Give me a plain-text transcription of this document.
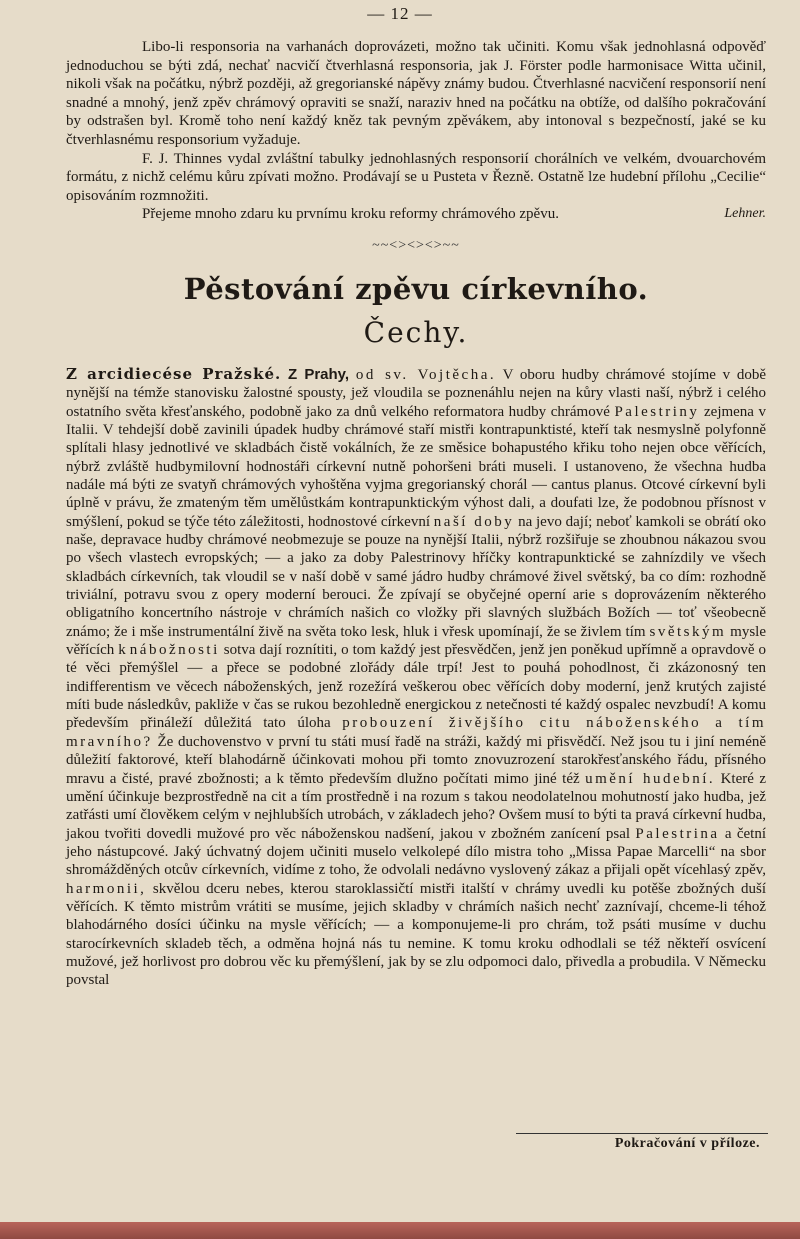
— 12 —

Libo-li responsoria na varhanách doprovázeti, možno tak učiniti. Komu však jednohlasná odpověď jednoduchou se býti zdá, nechať nacvičí čtverhlasná responsoria, jak J. Förster podle harmonisace Witta učinil, nikoli však na počátku, nýbrž později, až gregorianské nápěvy známy budou. Čtverhlasné nacvičení responsorií není snadné a mnohý, jenž zpěv chrámový opraviti se snaží, naraziv hned na počátku na obtíže, od dalšího pokračování by odstrašen byl. Kromě toho není každý kněz tak pevným zpěvákem, aby intonoval s bezpečností, jaké se ku čtverhlasnému responsorium vyžaduje.

F. J. Thinnes vydal zvláštní tabulky jednohlasných responsorií chorálních ve velkém, dvouarchovém formátu, z nichž celému kůru zpívati možno. Prodávají se u Pusteta v Řezně. Ostatně lze hudební přílohu „Cecilie“ opisováním rozmnožiti.

Přejeme mnoho zdaru ku prvnímu kroku reformy chrámového zpěvu.	Lehner.

~~<><><>~~
Pěstování zpěvu církevního.
Čechy.

Z arcidiecése Pražské. Z Prahy, od sv. Vojtěcha. V oboru hudby chrámové stojíme v době nynější na témže stanovisku žalostné spousty, jež vloudila se poznenáhlu nejen na kůry vlasti naší, nýbrž i celého ostatního světa křesťanského, podobně jako za dnů velkého reformatora hudby chrámové Palestriny zejmena v Italii. V tehdejší době zavinili úpadek hudby chrámové staří mistři kontrapunktisté, kteří tak nesmyslně polyfonně splítali hlasy jednotlivé ve skladbách čistě vokálních, že ze směsice bohapustého křiku toho nejen obce věřících, nýbrž zvláště hudbymilovní hodnostáři církevní nutně pohoršeni bráti museli. I ustanoveno, že všechna hudba nadále má býti ze svatyň chrámových vyhoštěna vyjma gregorianský chorál — cantus planus. Otcové církevní byli úplně v právu, že zmateným těm umělůstkám kontrapunktickým výhost dali, a doufati lze, že podobnou přísnost v smýšlení, pokud se týče této záležitosti, hodnostové církevní naší doby na jevo dají; neboť kamkoli se obrátí oko naše, depravace hudby chrámové neobmezuje se pouze na nynější Italii, nýbrž rozšiřuje se zhoubnou nákazou svou po všech vlastech evropských; — a jako za doby Palestrinovy hříčky kontrapunktické se zahnízdily ve všech skladbách církevních, tak vloudil se v naší době v samé jádro hudby chrámové živel světský, ba co dím: rozhodně triviální, potravu svou z opery moderní berouci. Že zpívají se obyčejné operní arie s doprovázením některého obligatního koncertního nástroje v chrámích našich co vložky při slavných službách Božích — toť všeobecně známo; že i mše instrumentální živě na světa toko lesk, hluk i vřesk upomínají, že se živlem tím světským mysle věřících k nábožnosti sotva dají roznítiti, o tom každý jest přesvědčen, jenž jen poněkud upřímně a opravdově o té věci přemýšlel — a přece se podobné zlořády dále trpí! Jest to pouhá pohodlnost, či zkázonosný ten indifferentism ve věcech náboženských, jenž rozežírá veškerou obec věřících doby moderní, jenž krutých zajisté míti bude následkův, pakliže v čas se rukou bezohledně energickou z netečnosti té každý ospalec nevzbudí! A komu především přináleží důležitá tato úloha probouzení živějšího citu náboženského a tím mravního? Že duchovenstvo v první tu státi musí řadě na stráži, každý mi přisvědčí. Než jsou tu i jiní neméně důležití faktorové, kteří blahodárně účinkovati mohou při tomto znovuzrození starokřesťanského řádu, přísného mravu a čisté, pravé zbožnosti; a k těmto především dlužno počítati mimo jiné též umění hudební. Které z umění účinkuje bezprostředně na cit a tím prostředně i na rozum s takou neodolatelnou mohutností jako hudba, jež zatřásti umí člověkem celým v nejhlubších utrobách, v základech jeho? Ovšem musí to býti ta pravá církevní hudba, jakou tvořiti dovedli mužové pro věc náboženskou nadšení, jakou v zbožném zanícení psal Palestrina a četní jeho nástupcové. Jaký úchvatný dojem učiniti muselo velkolepé dílo mistra toho „Missa Papae Marcelli“ na sbor shromážděných otcův církevních, vidíme z toho, že odvolali nedávno vyslovený zákaz a přijali opět vícehlasý zpěv, harmonii, skvělou dceru nebes, kterou staroklassičtí mistři italští v chrámy uvedli ku potěše zbožných duší věřících. K těmto mistrům vrátiti se musíme, jejich skladby v chrámích našich nechť zaznívají, chceme-li téhož blahodárného dosíci účinku na mysle věřících; — a komponujeme-li pro chrám, tož psáti musíme v duchu starocírkevních skladeb těch, a odměna hojná nás tu nemine. K tomu kroku odhodlali se též někteří osvícení mužové, jež horlivost pro dobrou věc ku přemýšlení, jak by se zlu odpomoci dalo, přivedla a probudila. V Německu povstal

Pokračování v příloze.
